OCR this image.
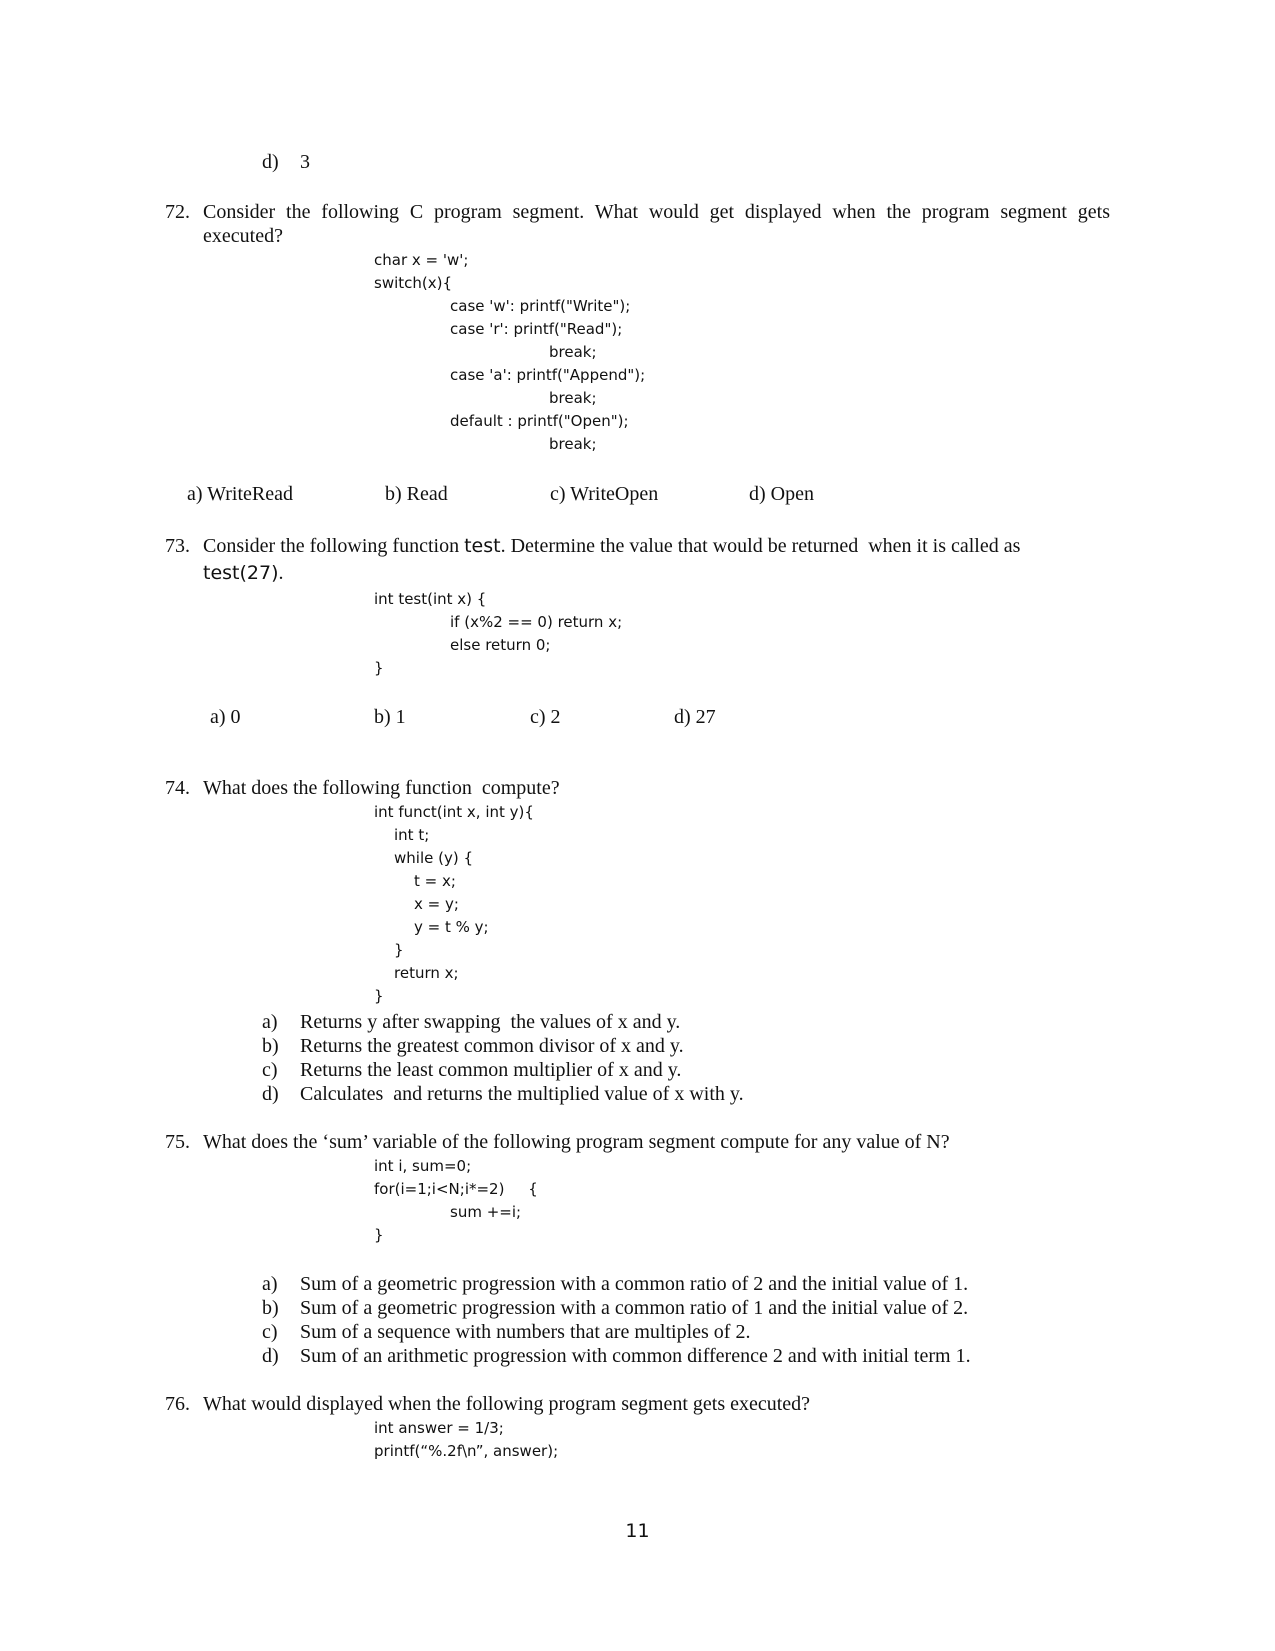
d) 3
72. Consider the following C program segment. What would get displayed when the program segment gets
executed?
char x = 'w';
switch(x){
case 'w': printf("Write");
case 'r': printf("Read");
break;
case 'a': printf("Append");
break;
default : printf("Open");
break;
a) WriteRead	b) Read	c) WriteOpen	d) Open
73. Consider the following function
test . Determine the value that would be returned  when it is called as
test(27).
int test(int x) {
if (x%2 == 0) return x;
else return 0;
}
a) 0	b) 1	c) 2	d) 27
74. What does the following function  compute?
int funct(int x, int y){
int t;
while (y) {
t = x;
x = y;
y = t % y;
}
return x;
}
a) Returns y after swapping  the values of x and y.
b) Returns the greatest common divisor of x and y.
c) Returns the least common multiplier of x and y.
d) Calculates  and returns the multiplied value of x with y.
75. What does the ‘sum’ variable of the following program segment compute for any value of N?
int i, sum=0;
for(i=1;i<N;i*=2)     {
sum +=i;
}
a) Sum of a geometric progression with a common ratio of 2 and the initial value of 1.
b) Sum of a geometric progression with a common ratio of 1 and the initial value of 2.
c) Sum of a sequence with numbers that are multiples of 2.
d) Sum of an arithmetic progression with common difference 2 and with initial term 1.
76. What would displayed when the following program segment gets executed?
int answer = 1/3;
printf(“%.2f\n”, answer);
11
